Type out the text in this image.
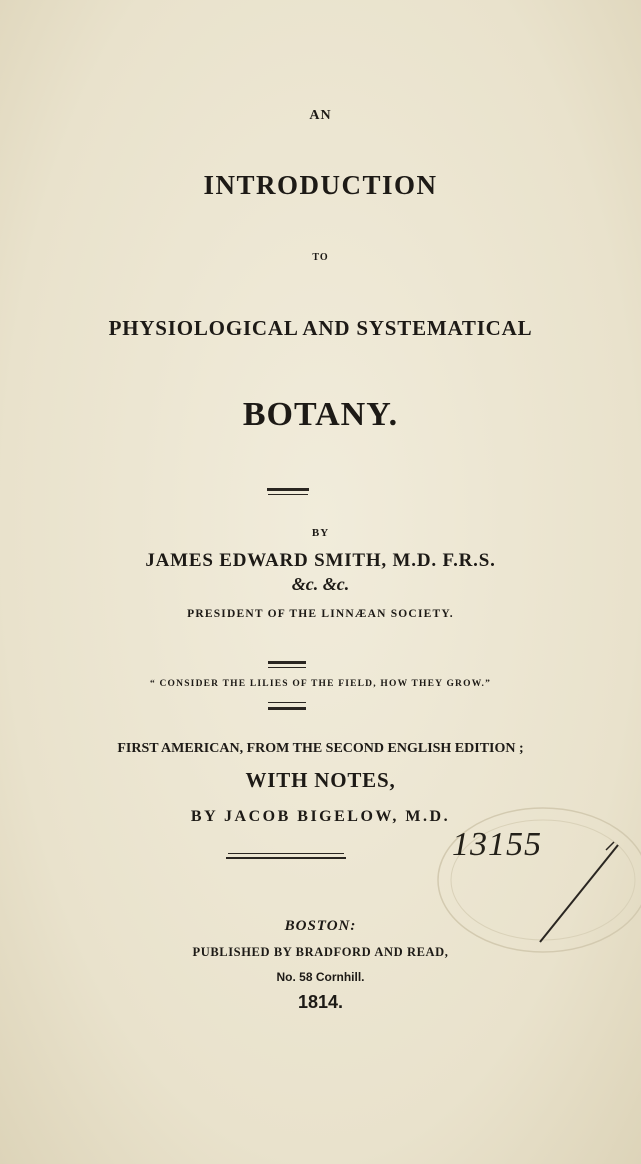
AN
INTRODUCTION
TO
PHYSIOLOGICAL AND SYSTEMATICAL
BOTANY.
BY
JAMES EDWARD SMITH, M.D. F.R.S.
&c. &c.
PRESIDENT OF THE LINNÆAN SOCIETY.
“ CONSIDER THE LILIES OF THE FIELD, HOW THEY GROW.”
FIRST AMERICAN, FROM THE SECOND ENGLISH EDITION ;
WITH NOTES,
BY JACOB BIGELOW, M.D.
13155
BOSTON:
PUBLISHED BY BRADFORD AND READ,
No. 58 Cornhill.
1814.
